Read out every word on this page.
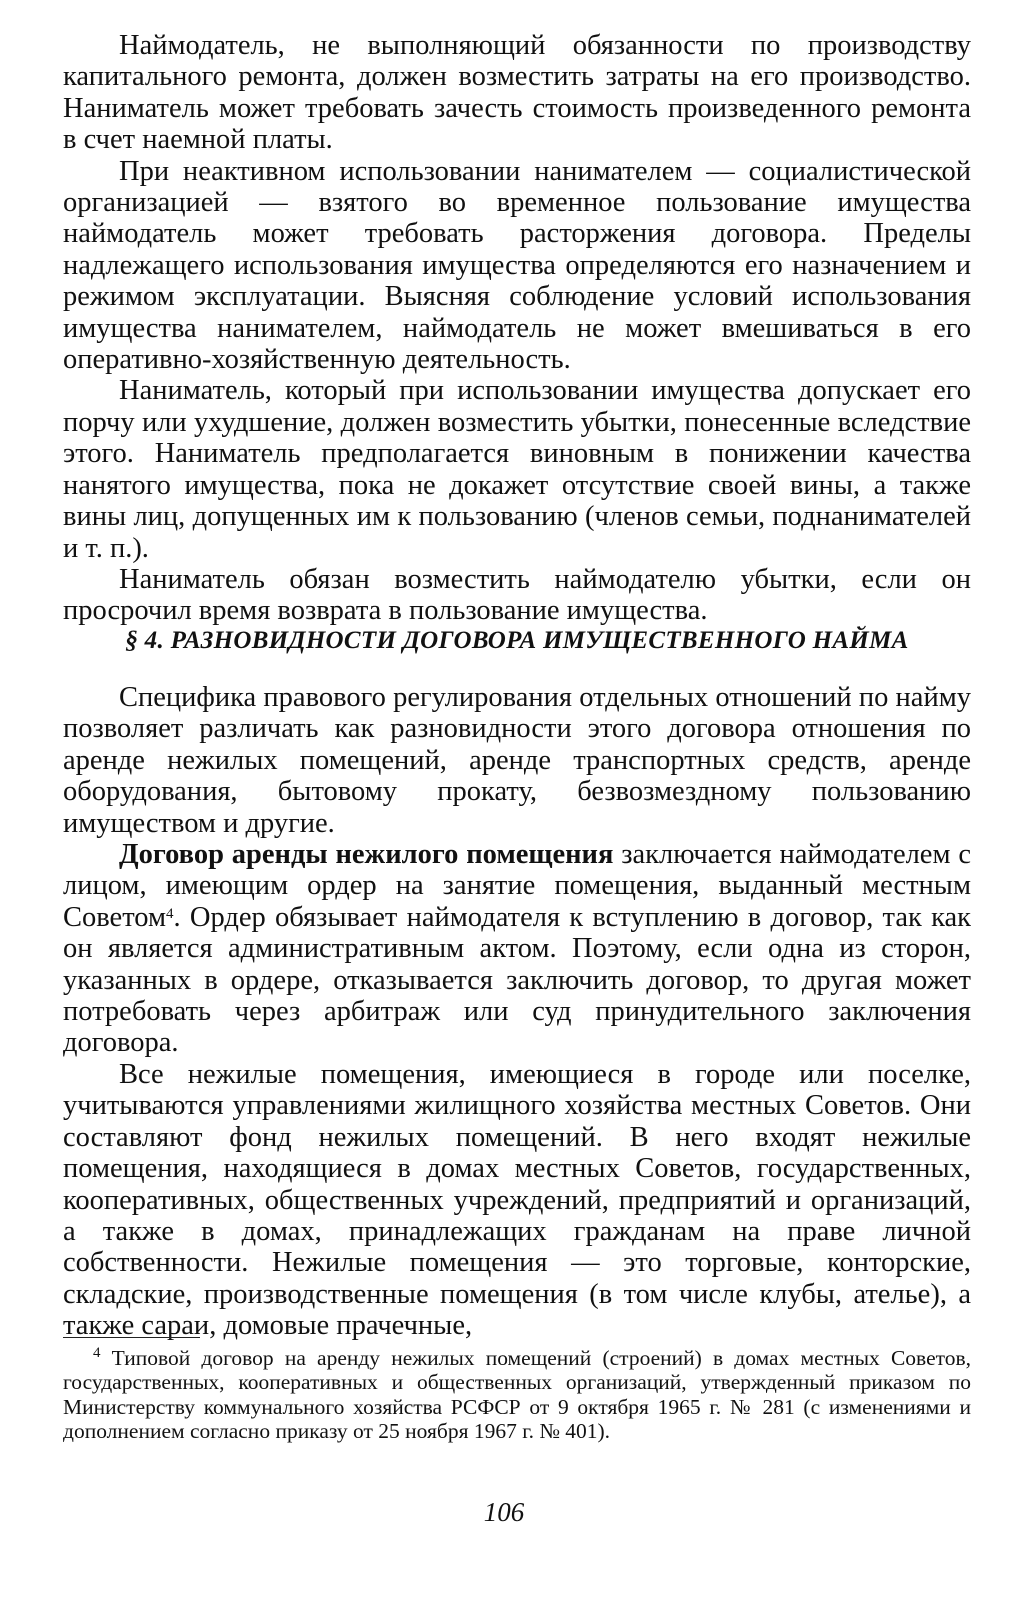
Наймодатель, не выполняющий обязанности по производству капитального ремонта, должен возместить затраты на его производство. Наниматель может требовать зачесть стоимость произведенного ремонта в счет наемной платы.

При неактивном использовании нанимателем — социалистической организацией — взятого во временное пользование имущества наймодатель может требовать расторжения договора. Пределы надлежащего использования имущества определяются его назначением и режимом эксплуатации. Выясняя соблюдение условий использования имущества нанимателем, наймодатель не может вмешиваться в его оперативно-хозяйственную деятельность.

Наниматель, который при использовании имущества допускает его порчу или ухудшение, должен возместить убытки, понесенные вследствие этого. Наниматель предполагается виновным в понижении качества нанятого имущества, пока не докажет отсутствие своей вины, а также вины лиц, допущенных им к пользованию (членов семьи, поднанимателей и т. п.).

Наниматель обязан возместить наймодателю убытки, если он просрочил время возврата в пользование имущества.

§ 4. РАЗНОВИДНОСТИ ДОГОВОРА ИМУЩЕСТВЕННОГО НАЙМА

Специфика правового регулирования отдельных отношений по найму позволяет различать как разновидности этого договора отношения по аренде нежилых помещений, аренде транспортных средств, аренде оборудования, бытовому прокату, безвозмездному пользованию имуществом и другие.

Договор аренды нежилого помещения заключается наймодателем с лицом, имеющим ордер на занятие помещения, выданный местным Советом$^4$. Ордер обязывает наймодателя к вступлению в договор, так как он является административным актом. Поэтому, если одна из сторон, указанных в ордере, отказывается заключить договор, то другая может потребовать через арбитраж или суд принудительного заключения договора.

Все нежилые помещения, имеющиеся в городе или поселке, учитываются управлениями жилищного хозяйства местных Советов. Они составляют фонд нежилых помещений. В него входят нежилые помещения, находящиеся в домах местных Советов, государственных, кооперативных, общественных учреждений, предприятий и организаций, а также в домах, принадлежащих гражданам на праве личной собственности. Нежилые помещения — это торговые, конторские, складские, производственные помещения (в том числе клубы, ателье), а также сараи, домовые прачечные,

$^4$ Типовой договор на аренду нежилых помещений (строений) в домах местных Советов, государственных, кооперативных и общественных организаций, утвержденный приказом по Министерству коммунального хозяйства РСФСР от 9 октября 1965 г. № 281 (с изменениями и дополнением согласно приказу от 25 ноября 1967 г. № 401).

106
